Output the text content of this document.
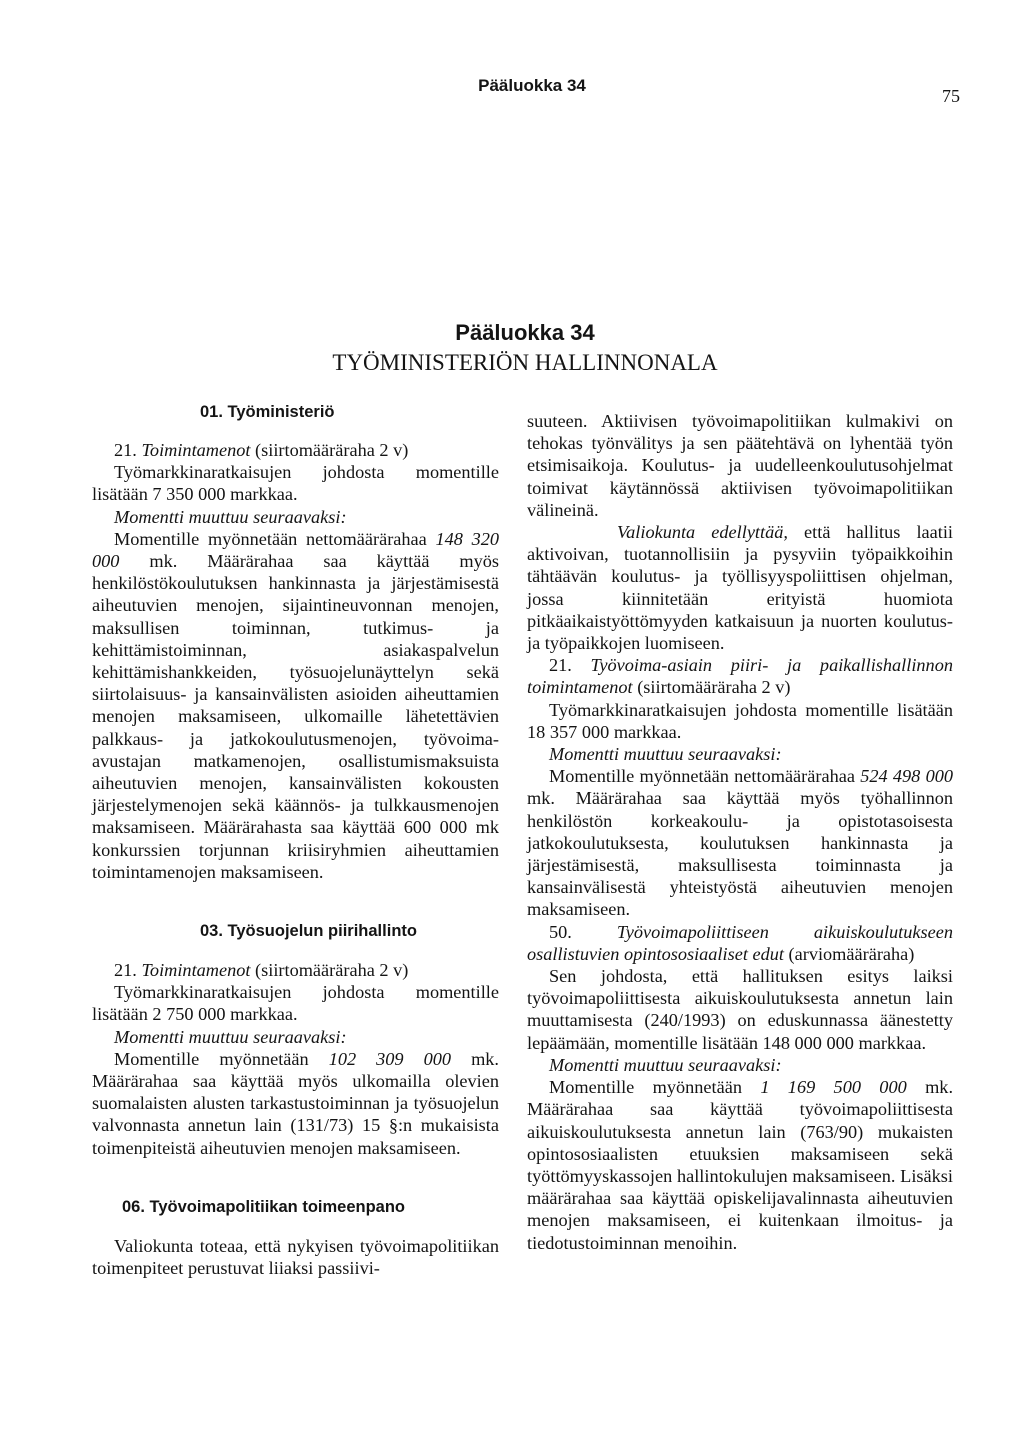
Pääluokka 34
75
Pääluokka 34
TYÖMINISTERIÖN HALLINNONALA
01. Työministeriö

21. Toimintamenot (siirtomääräraha 2 v)

Työmarkkinaratkaisujen johdosta momentille lisätään 7 350 000 markkaa.

Momentti muuttuu seuraavaksi:

Momentille myönnetään nettomäärärahaa 148 320 000 mk. Määrärahaa saa käyttää myös henkilöstökoulutuksen hankinnasta ja järjestämisestä aiheutuvien menojen, sijaintineuvonnan menojen, maksullisen toiminnan, tutkimus- ja kehittämistoiminnan, asiakaspalvelun kehittämishankkeiden, työsuojelunäyttelyn sekä siirtolaisuus- ja kansainvälisten asioiden aiheuttamien menojen maksamiseen, ulkomaille lähetettävien palkkaus- ja jatkokoulutusmenojen, työvoima-avustajan matkamenojen, osallistumismaksuista aiheutuvien menojen, kansainvälisten kokousten järjestelymenojen sekä käännös- ja tulkkausmenojen maksamiseen. Määrärahasta saa käyttää 600 000 mk konkurssien torjunnan kriisiryhmien aiheuttamien toimintamenojen maksamiseen.

03. Työsuojelun piirihallinto

21. Toimintamenot (siirtomääräraha 2 v)

Työmarkkinaratkaisujen johdosta momentille lisätään 2 750 000 markkaa.

Momentti muuttuu seuraavaksi:

Momentille myönnetään 102 309 000 mk. Määrärahaa saa käyttää myös ulkomailla olevien suomalaisten alusten tarkastustoiminnan ja työsuojelun valvonnasta annetun lain (131/73) 15 §:n mukaisista toimenpiteistä aiheutuvien menojen maksamiseen.

06. Työvoimapolitiikan toimeenpano

Valiokunta toteaa, että nykyisen työvoimapolitiikan toimenpiteet perustuvat liiaksi passiivi-

suuteen. Aktiivisen työvoimapolitiikan kulmakivi on tehokas työnvälitys ja sen päätehtävä on lyhentää työn etsimisaikoja. Koulutus- ja uudelleenkoulutusohjelmat toimivat käytännössä aktiivisen työvoimapolitiikan välineinä.

Valiokunta edellyttää, että hallitus laatii aktivoivan, tuotannollisiin ja pysyviin työpaikkoihin tähtäävän koulutus- ja työllisyyspoliittisen ohjelman, jossa kiinnitetään erityistä huomiota pitkäaikaistyöttömyyden katkaisuun ja nuorten koulutus- ja työpaikkojen luomiseen.

21. Työvoima-asiain piiri- ja paikallishallinnon toimintamenot (siirtomääräraha 2 v)

Työmarkkinaratkaisujen johdosta momentille lisätään 18 357 000 markkaa.

Momentti muuttuu seuraavaksi:

Momentille myönnetään nettomäärärahaa 524 498 000 mk. Määrärahaa saa käyttää myös työhallinnon henkilöstön korkeakoulu- ja opistotasoisesta jatkokoulutuksesta, koulutuksen hankinnasta ja järjestämisestä, maksullisesta toiminnasta ja kansainvälisestä yhteistyöstä aiheutuvien menojen maksamiseen.

50. Työvoimapoliittiseen aikuiskoulutukseen osallistuvien opintososiaaliset edut (arviomääräraha)

Sen johdosta, että hallituksen esitys laiksi työvoimapoliittisesta aikuiskoulutuksesta annetun lain muuttamisesta (240/1993) on eduskunnassa äänestetty lepäämään, momentille lisätään 148 000 000 markkaa.

Momentti muuttuu seuraavaksi:

Momentille myönnetään 1 169 500 000 mk. Määrärahaa saa käyttää työvoimapoliittisesta aikuiskoulutuksesta annetun lain (763/90) mukaisten opintososiaalisten etuuksien maksamiseen sekä työttömyyskassojen hallintokulujen maksamiseen. Lisäksi määrärahaa saa käyttää opiskelijavalinnasta aiheutuvien menojen maksamiseen, ei kuitenkaan ilmoitus- ja tiedotustoiminnan menoihin.
